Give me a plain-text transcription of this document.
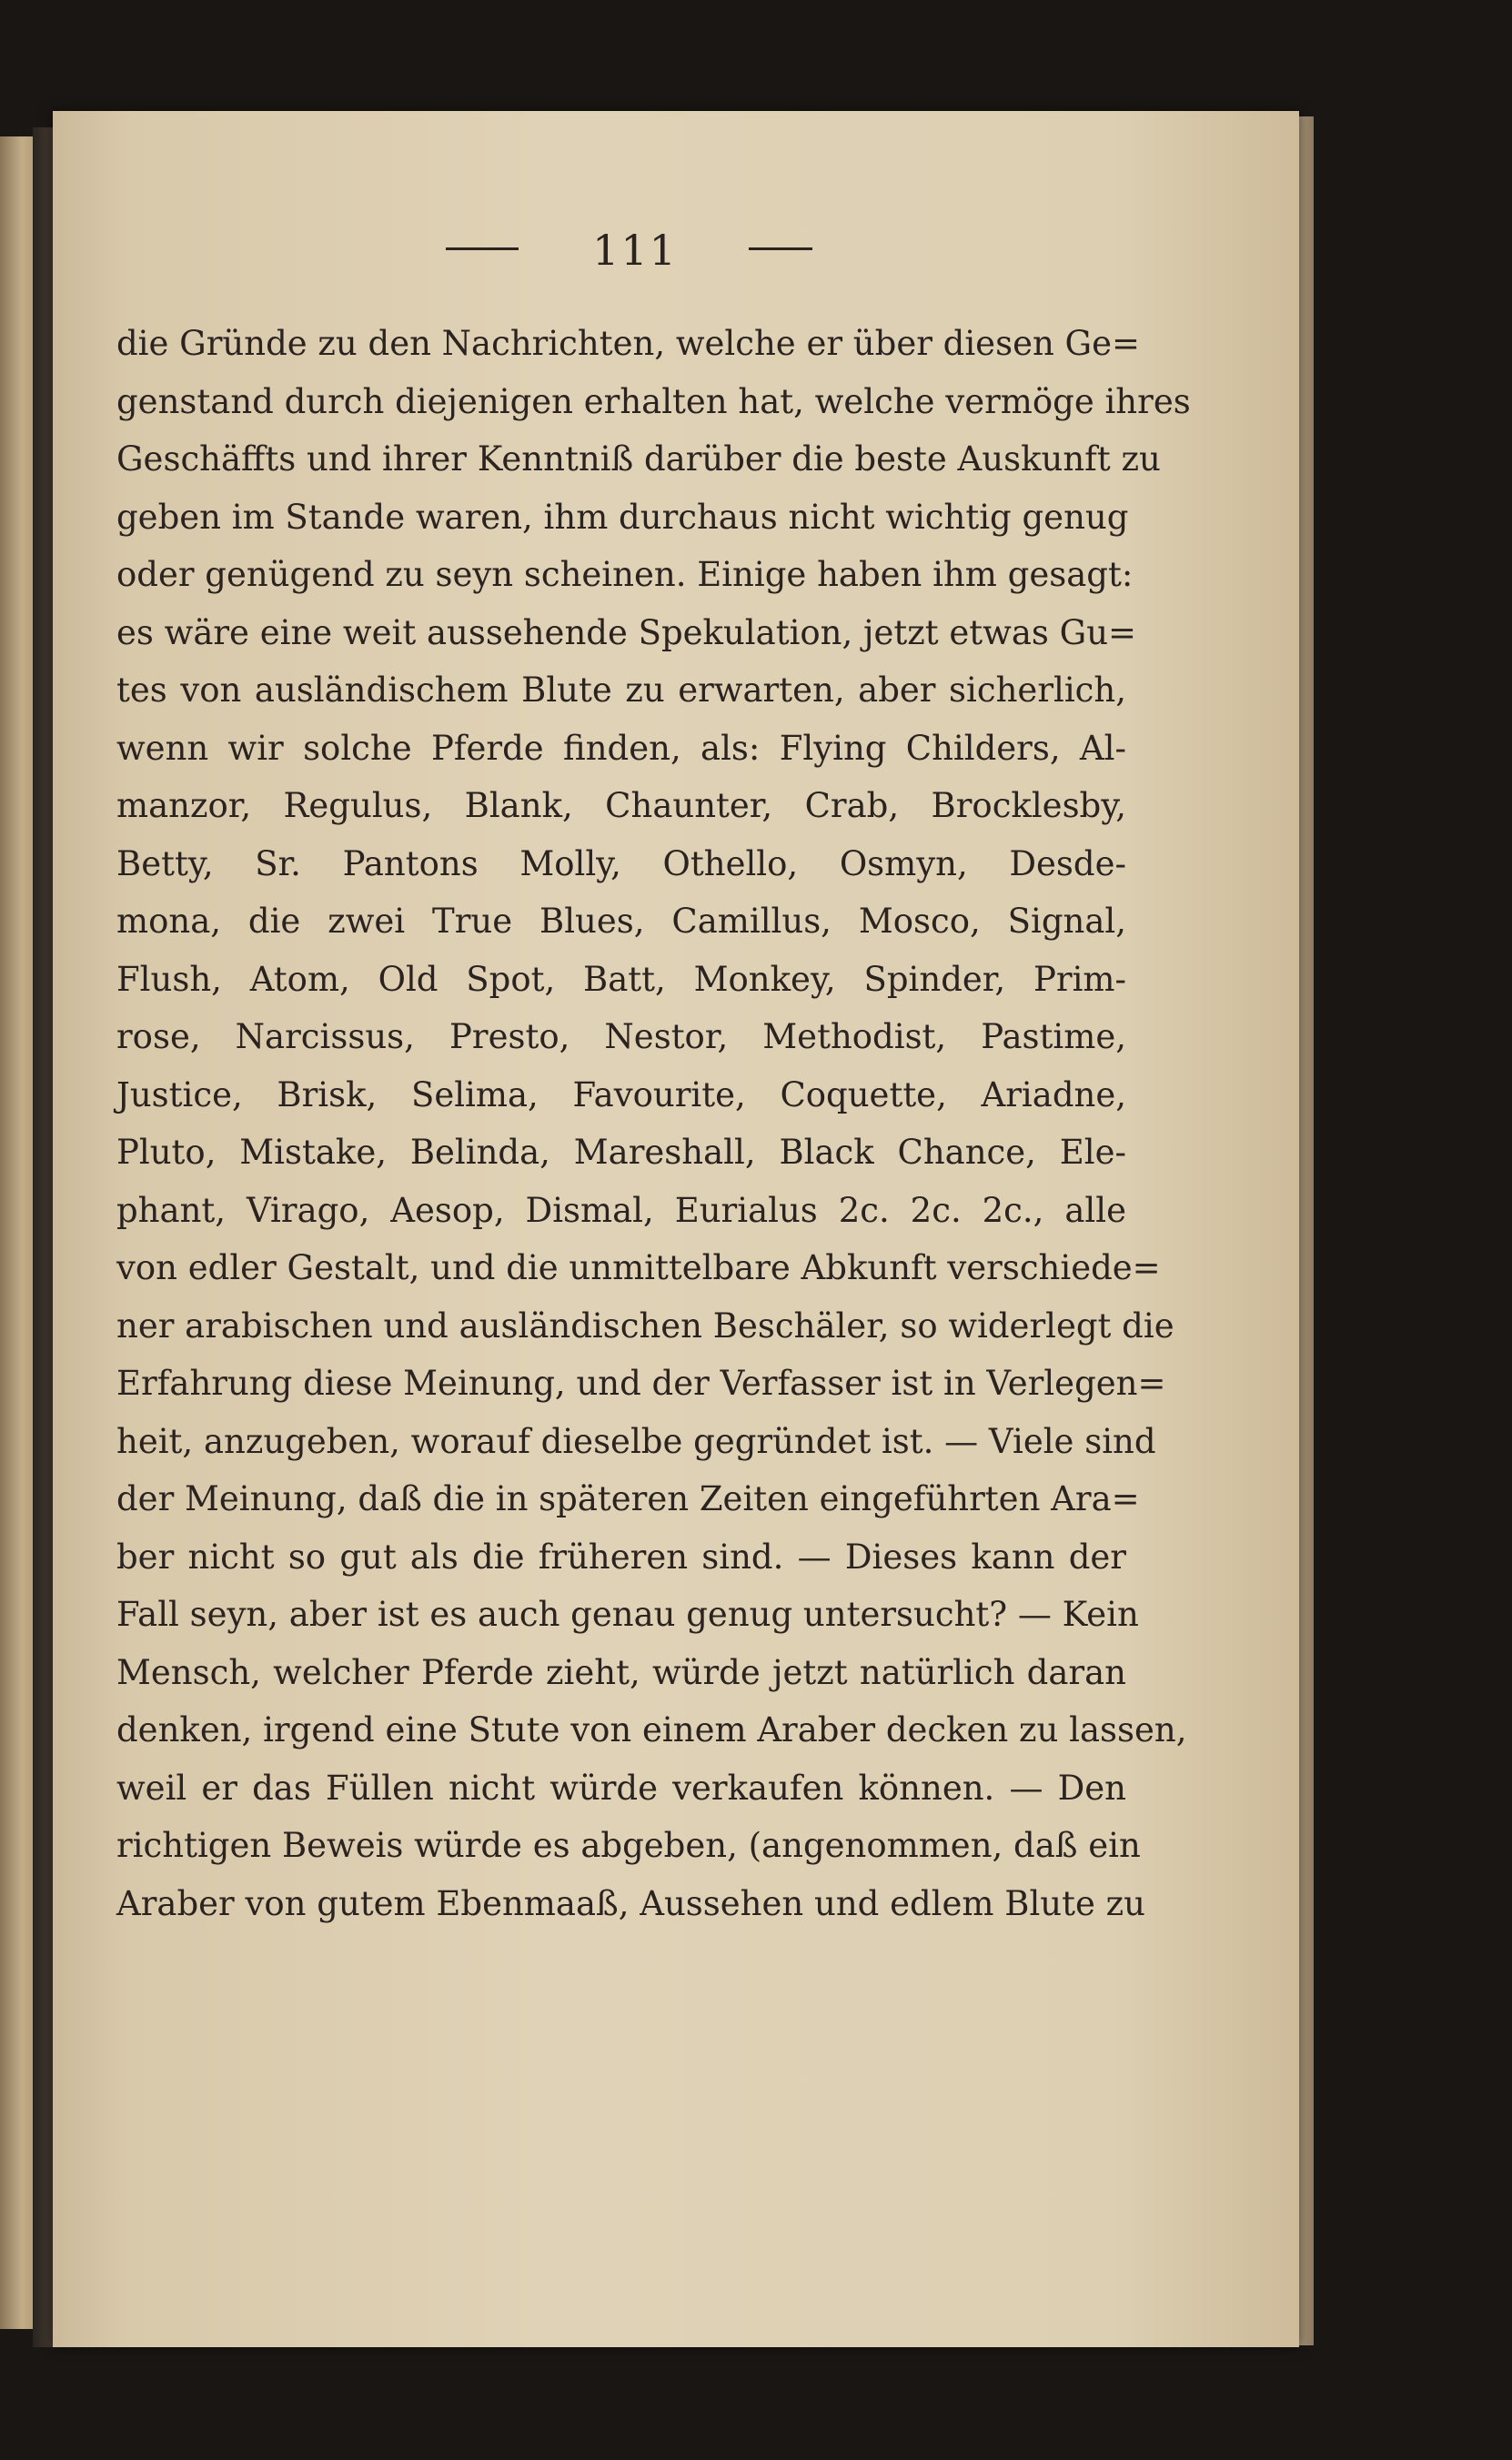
111
die Gründe zu den Nachrichten, welche er über diesen Ge=
genstand durch diejenigen erhalten hat, welche vermöge ihres
Geschäffts und ihrer Kenntniß darüber die beste Auskunft zu
geben im Stande waren, ihm durchaus nicht wichtig genug
oder genügend zu seyn scheinen. Einige haben ihm gesagt:
es wäre eine weit aussehende Spekulation, jetzt etwas Gu=
tes von ausländischem Blute zu erwarten, aber sicherlich,
wenn wir solche Pferde finden, als: Flying Childers, Al-
manzor, Regulus, Blank, Chaunter, Crab, Brocklesby,
Betty, Sr. Pantons Molly, Othello, Osmyn, Desde-
mona, die zwei True Blues, Camillus, Mosco, Signal,
Flush, Atom, Old Spot, Batt, Monkey, Spinder, Prim-
rose, Narcissus, Presto, Nestor, Methodist, Pastime,
Justice, Brisk, Selima, Favourite, Coquette, Ariadne,
Pluto, Mistake, Belinda, Mareshall, Black Chance, Ele-
phant, Virago, Aesop, Dismal, Eurialus 2c. 2c. 2c., alle
von edler Gestalt, und die unmittelbare Abkunft verschiede=
ner arabischen und ausländischen Beschäler, so widerlegt die
Erfahrung diese Meinung, und der Verfasser ist in Verlegen=
heit, anzugeben, worauf dieselbe gegründet ist. — Viele sind
der Meinung, daß die in späteren Zeiten eingeführten Ara=
ber nicht so gut als die früheren sind. — Dieses kann der
Fall seyn, aber ist es auch genau genug untersucht? — Kein
Mensch, welcher Pferde zieht, würde jetzt natürlich daran
denken, irgend eine Stute von einem Araber decken zu lassen,
weil er das Füllen nicht würde verkaufen können. — Den
richtigen Beweis würde es abgeben, (angenommen, daß ein
Araber von gutem Ebenmaaß, Aussehen und edlem Blute zu
